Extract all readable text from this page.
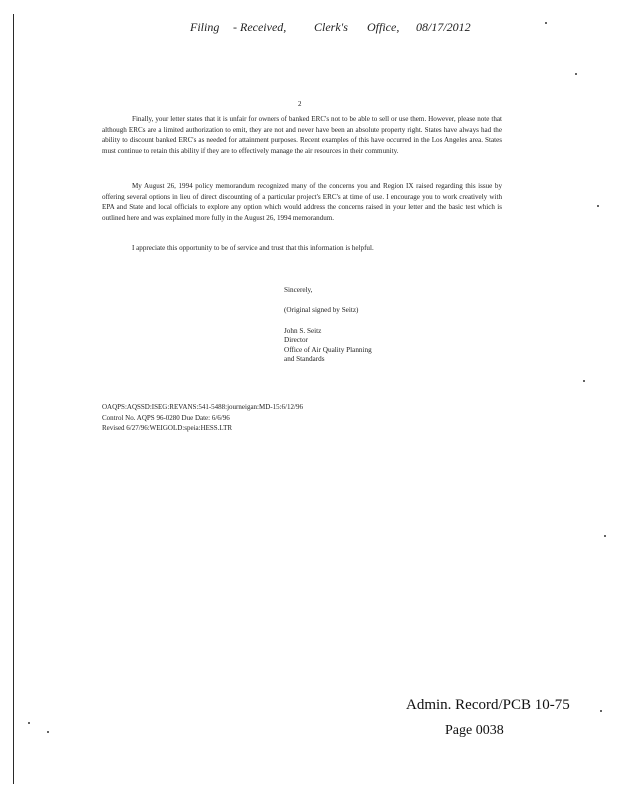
Filing - Received, Clerk's Office, 08/17/2012
2

Finally, your letter states that it is unfair for owners of banked ERC's not to be able to sell or use them. However, please note that although ERCs are a limited authorization to emit, they are not and never have been an absolute property right. States have always had the ability to discount banked ERC's as needed for attainment purposes. Recent examples of this have occurred in the Los Angeles area. States must continue to retain this ability if they are to effectively manage the air resources in their community.

My August 26, 1994 policy memorandum recognized many of the concerns you and Region IX raised regarding this issue by offering several options in lieu of direct discounting of a particular project's ERC's at time of use. I encourage you to work creatively with EPA and State and local officials to explore any option which would address the concerns raised in your letter and the basic test which is outlined here and was explained more fully in the August 26, 1994 memorandum.

I appreciate this opportunity to be of service and trust that this information is helpful.

Sincerely,
(Original signed by Seitz)
John S. Seitz
Director
Office of Air Quality Planning
and Standards
OAQPS:AQSSD:ISEG:REVANS:541-5488:journeigan:MD-15:6/12/96
Control No. AQPS 96-0280 Due Date: 6/6/96
Revised 6/27/96:WEIGOLD:speia:HESS.LTR
Admin. Record/PCB 10-75
Page 0038
